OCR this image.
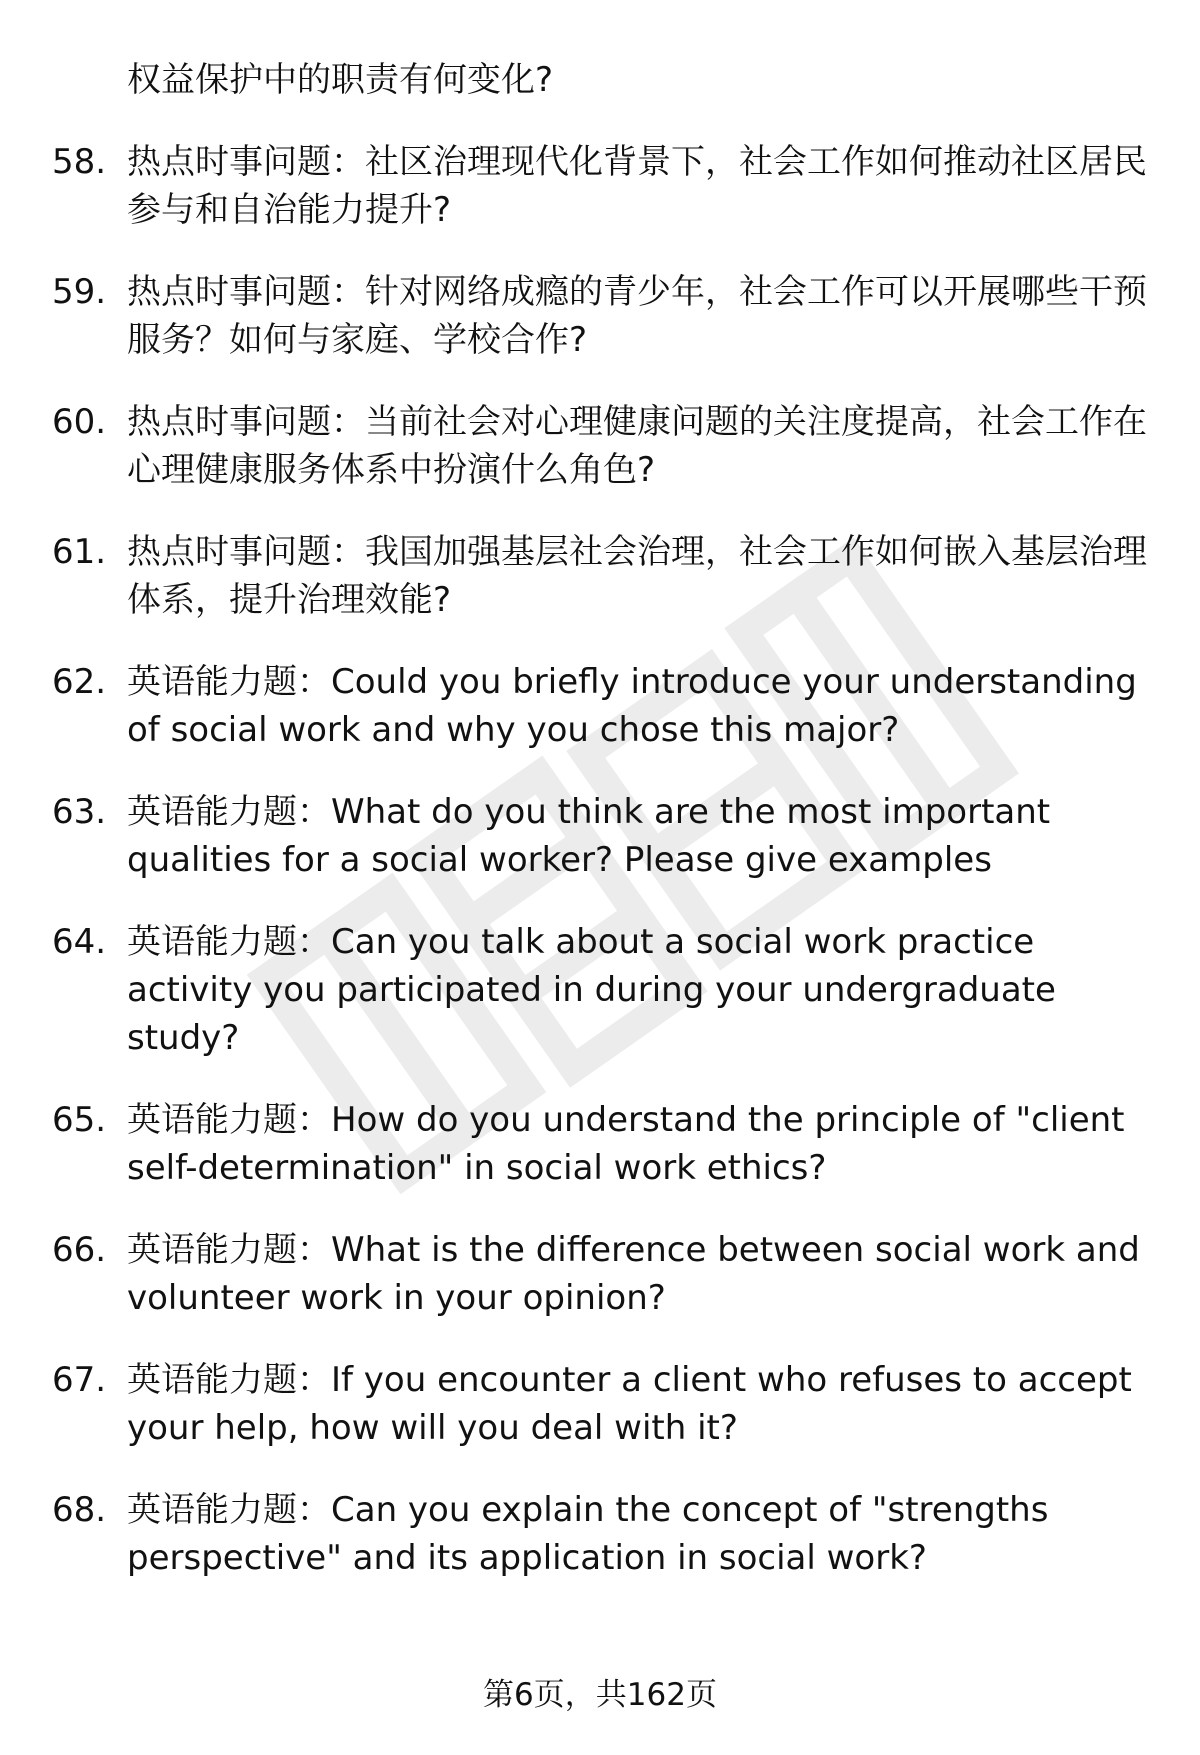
权益保护中的职责有何变化?
58. 热点时事问题：社区治理现代化背景下，社会工作如何推动社区居民参与和自治能力提升?
59. 热点时事问题：针对网络成瘾的青少年，社会工作可以开展哪些干预服务？如何与家庭、学校合作?
60. 热点时事问题：当前社会对心理健康问题的关注度提高，社会工作在心理健康服务体系中扮演什么角色?
61. 热点时事问题：我国加强基层社会治理，社会工作如何嵌入基层治理体系，提升治理效能?
62. 英语能力题：Could you briefly introduce your understanding of social work and why you chose this major?
63. 英语能力题：What do you think are the most important qualities for a social worker? Please give examples
64. 英语能力题：Can you talk about a social work practice activity you participated in during your undergraduate study?
65. 英语能力题：How do you understand the principle of "client self-determination" in social work ethics?
66. 英语能力题：What is the difference between social work and volunteer work in your opinion?
67. 英语能力题：If you encounter a client who refuses to accept your help, how will you deal with it?
68. 英语能力题：Can you explain the concept of "strengths perspective" and its application in social work?
第6页，共162页
